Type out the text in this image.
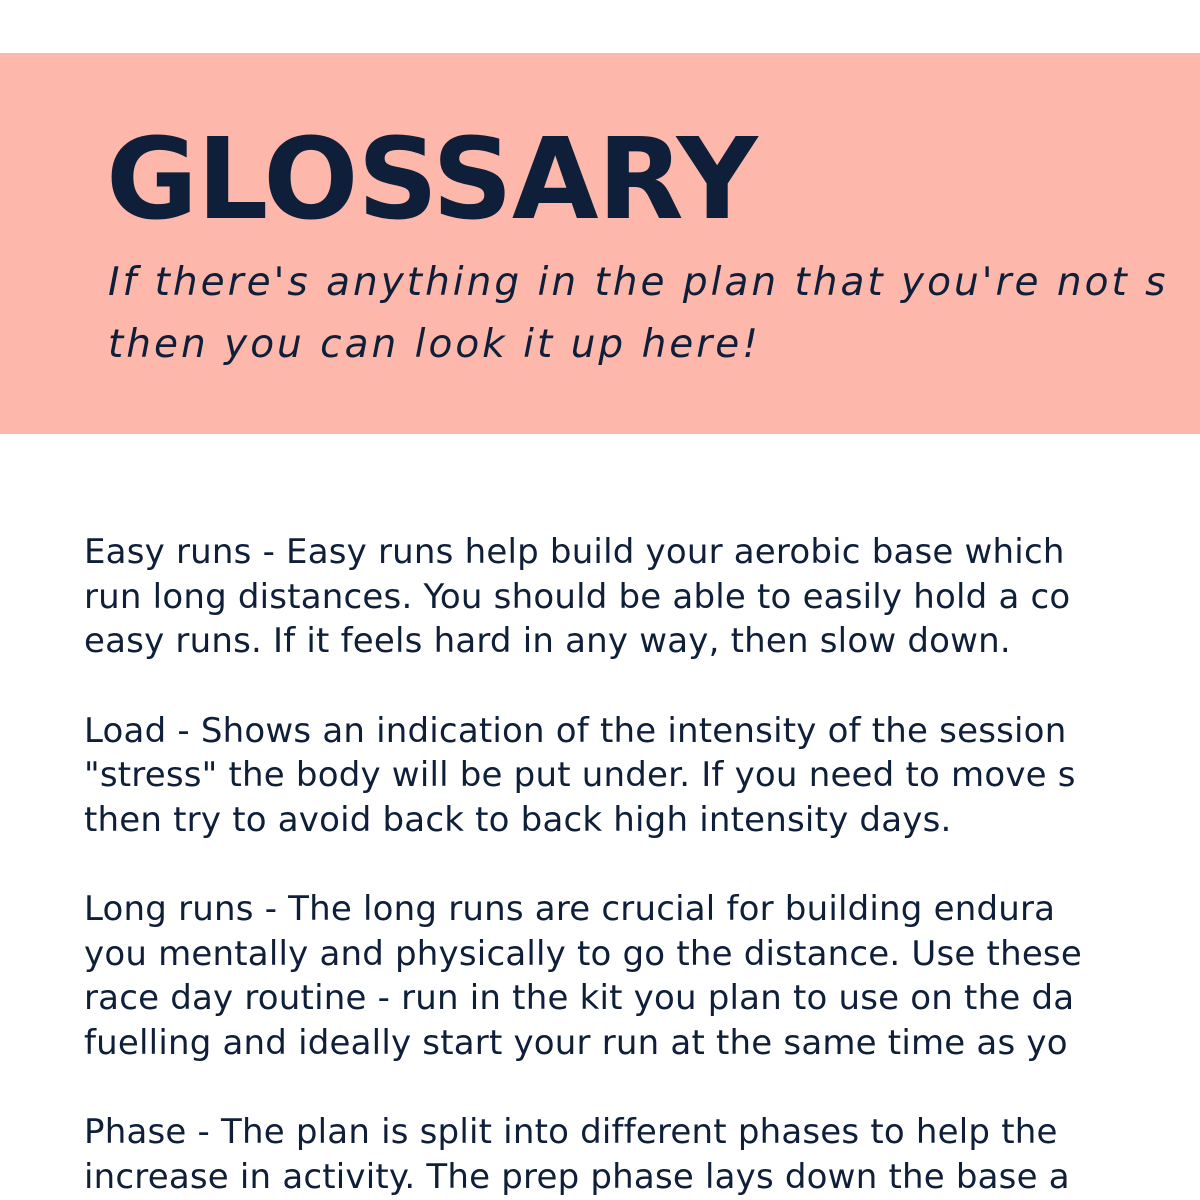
GLOSSARY

If there's anything in the plan that you're not s
then you can look it up here!

Easy runs - Easy runs help build your aerobic base which
run long distances. You should be able to easily hold a co
easy runs. If it feels hard in any way, then slow down.
Load - Shows an indication of the intensity of the session
"stress" the body will be put under. If you need to move s
then try to avoid back to back high intensity days.
Long runs - The long runs are crucial for building endura
you mentally and physically to go the distance. Use these
race day routine - run in the kit you plan to use on the da
fuelling and ideally start your run at the same time as yo
Phase - The plan is split into different phases to help the
increase in activity. The prep phase lays down the base a
